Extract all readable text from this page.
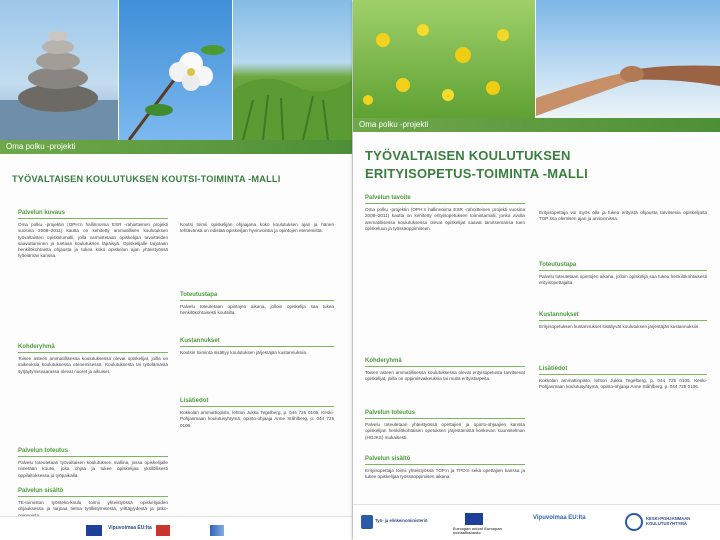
Oma polku -projekti
TYÖVALTAISEN KOULUTUKSEN KOUTSI-TOIMINTA -MALLI
Palvelun kuvaus
Oma polku -projektin (OPH:n hallinnoima ESR -rahoitteinen projekti vuosina 2008–2011) kautta on kehitetty ammatillisen koulutuksen työvaltaisten opiskelumalli, jolla varmistetaan opiskelijan tavoitteiden saavuttaminen ja tuetaan koulutuksen läpäisyä. Opiskelijalle tarjotaan henkilökohtaista ohjausta ja tukea koko opiskelun ajan yhteistyössä työelämän kanssa.
Kohderyhmä
Toisen asteen ammatillisessa koulutuksessa olevat opiskelijat, joilla on vaikeuksia koulutuksessa etenemisessä. Koulutuksesta tai työelämästä syrjäytymisvaarassa olevat nuoret ja aikuiset.
Palvelun toteutus
Palvelu toteutetaan työvaltaisen koulutuksen mallina, jossa opiskelijalle nimetään koutsi, joka ohjaa ja tukee opiskelijaa yksilöllisesti oppilaitoksessa ja työpaikalla.
Palvelun sisältö
TE-toimiston työnteko-koulu toimii yhteistyössä opiskelijoiden ohjauksessa ja tarjoaa tietoa työllistymisestä, yrittäjyydestä ja jatko-
Koutsi toimii opiskelijan ohjaajana koko koulutuksen ajan ja hänen tehtävänsä on edistää opiskelijan hyvinvointia ja opintojen etenemistä.
Toteutustapa
Palvelu toteutetaan opintojen aikana, jolloin opiskelija saa tukea henkilökohtaisesti koutsilta.
Kustannukset
Koutsin toiminta sisältyy koulutuksen järjestäjän kustannuksiin.
Lisätiedot
Kokkolan ammattiopisto, lehtori Jukka Tegelberg, p. 044 725 0105. Keski-Pohjanmaan koulutusyhtymä, opinto-ohjaaja Anne Ståhlberg, p. 044 725 0106.
Vipuvoimaa EU:lta
Oma polku -projekti
TYÖVALTAISEN KOULUTUKSEN
ERITYISOPETUS-TOIMINTA -MALLI
Palvelun tavoite
Oma polku -projektin (OPH:n hallinnoima ESR -rahoitteinen projekti vuosina 2008–2011) kautta on kehitetty erityisopetuksen toimintamalli, jonka avulla ammatillisessa koulutuksessa olevat opiskelijat saavat tarvitsemansa tuen opiskeluun ja työssäoppimiseen.
Kohderyhmä
Toisen asteen ammatillisessa koulutuksessa olevat erityisopetusta tarvitsevat opiskelijat, joilla on oppimisvaikeuksia tai muita erityistarpeita.
Palvelun toteutus
Palvelu toteutetaan yhteistyössä opettajien ja opinto-ohjaajien kanssa opiskelijan henkilökohtaisen opetuksen järjestämistä koskevan suunnitelman (HOJKS) mukaisesti.
Palvelun sisältö
Erityisopettaja toimii yhteistyössä TOP:n ja TPO:n sekä opettajien kanssa ja tukee opiskelijaa työssäoppimisen aikana.
Erityisopettaja voi myös olla ja tukea erityistä ohjausta tarvitsevia opiskelijoita TOP:ssa olemisen ajan ja arvioinnissa.
Toteutustapa
Palvelu toteutetaan opintojen aikana, jolloin opiskelija saa tukea henkilökohtaisesti erityisopettajalta.
Kustannukset
Erityisopetuksen kustannukset sisältyvät koulutuksen järjestäjän kustannuksiin.
Lisätiedot
Kokkolan ammattiopisto, lehtori Jukka Tegelberg, p. 044 725 0105. Keski-Pohjanmaan koulutusyhtymä, opinto-ohjaaja Anne Ståhlberg, p. 044 725 0106.
Työ- ja elinkeinoministeriö
Euroopan unioni Euroopan sosiaalirahasto
Vipuvoimaa EU:lta	KESKI-POHJANMAAN KOULUTUSYHTYMÄ
